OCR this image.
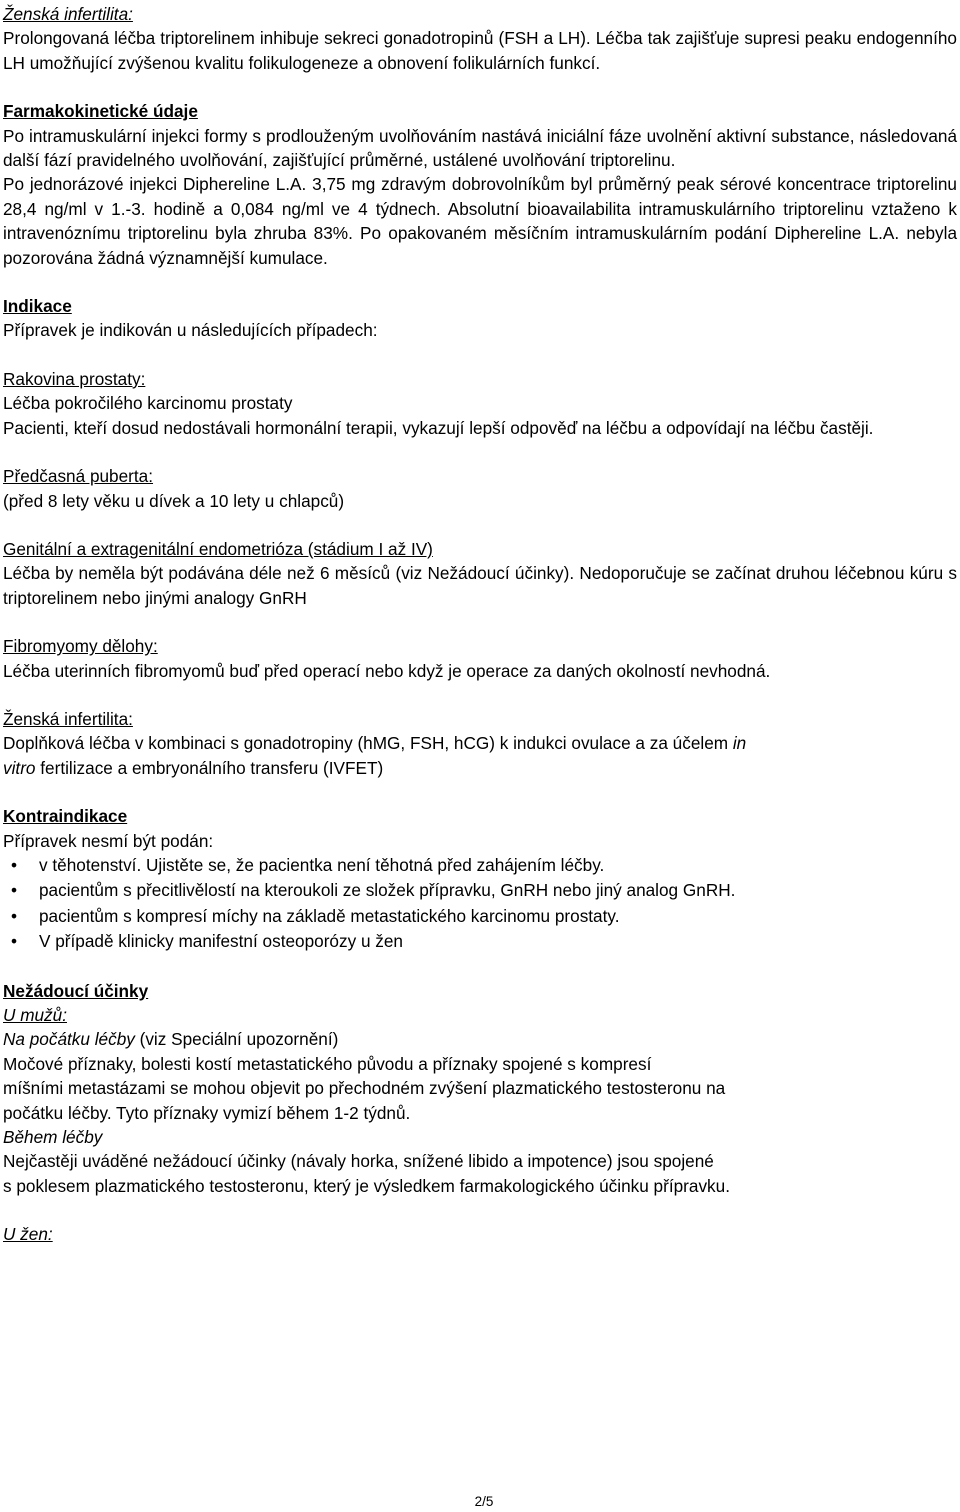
Ženská infertilita:
Prolongovaná léčba triptorelinem inhibuje sekreci gonadotropinů (FSH a LH). Léčba tak zajišťuje supresi peaku endogenního LH umožňující zvýšenou kvalitu folikulogeneze a obnovení folikulárních funkcí.
Farmakokinetické údaje
Po intramuskulární injekci formy s prodlouženým uvolňováním nastává iniciální fáze uvolnění aktivní substance, následovaná další fází pravidelného uvolňování, zajišťující průměrné, ustálené uvolňování triptorelinu.
Po jednorázové injekci Diphereline L.A. 3,75 mg zdravým dobrovolníkům byl průměrný peak sérové koncentrace triptorelinu 28,4 ng/ml v 1.-3. hodině a 0,084 ng/ml ve 4 týdnech. Absolutní bioavailabilita intramuskulárního triptorelinu vztaženo k intravenóznímu triptorelinu byla zhruba 83%. Po opakovaném měsíčním intramuskulárním podání Diphereline L.A. nebyla pozorována žádná významnější kumulace.
Indikace
Přípravek je indikován u následujících případech:
Rakovina prostaty:
Léčba pokročilého karcinomu prostaty
Pacienti, kteří dosud nedostávali hormonální terapii, vykazují lepší odpověď na léčbu a odpovídají na léčbu častěji.
Předčasná puberta:
(před 8 lety věku u dívek a 10 lety u chlapců)
Genitální a extragenitální endometrióza (stádium I až IV)
Léčba by neměla být podávána déle než 6 měsíců (viz Nežádoucí účinky). Nedoporučuje se začínat druhou léčebnou kúru s triptorelinem nebo jinými analogy GnRH
Fibromyomy dělohy:
Léčba uterinních fibromyomů buď před operací nebo když je operace za daných okolností nevhodná.
Ženská infertilita:
Doplňková léčba v kombinaci s gonadotropiny (hMG, FSH, hCG) k indukci ovulace a za účelem in
vitro fertilizace a embryonálního transferu (IVFET)
Kontraindikace
Přípravek nesmí být podán:
•	v těhotenství. Ujistěte se, že pacientka není těhotná před zahájením léčby.
•	pacientům s přecitlivělostí na kteroukoli ze složek přípravku, GnRH nebo jiný analog GnRH.
•	pacientům s kompresí míchy na základě metastatického karcinomu prostaty.
•	V případě klinicky manifestní osteoporózy u žen
Nežádoucí účinky
U mužů:
Na počátku léčby (viz Speciální upozornění)
Močové příznaky, bolesti kostí metastatického původu a příznaky spojené s kompresí
míšními metastázami se mohou objevit po přechodném zvýšení plazmatického testosteronu na
počátku léčby. Tyto příznaky vymizí během 1-2 týdnů.
Během léčby
Nejčastěji uváděné nežádoucí účinky (návaly horka, snížené libido a impotence) jsou spojené
s poklesem plazmatického testosteronu, který je výsledkem farmakologického účinku přípravku.
U žen:
2/5
